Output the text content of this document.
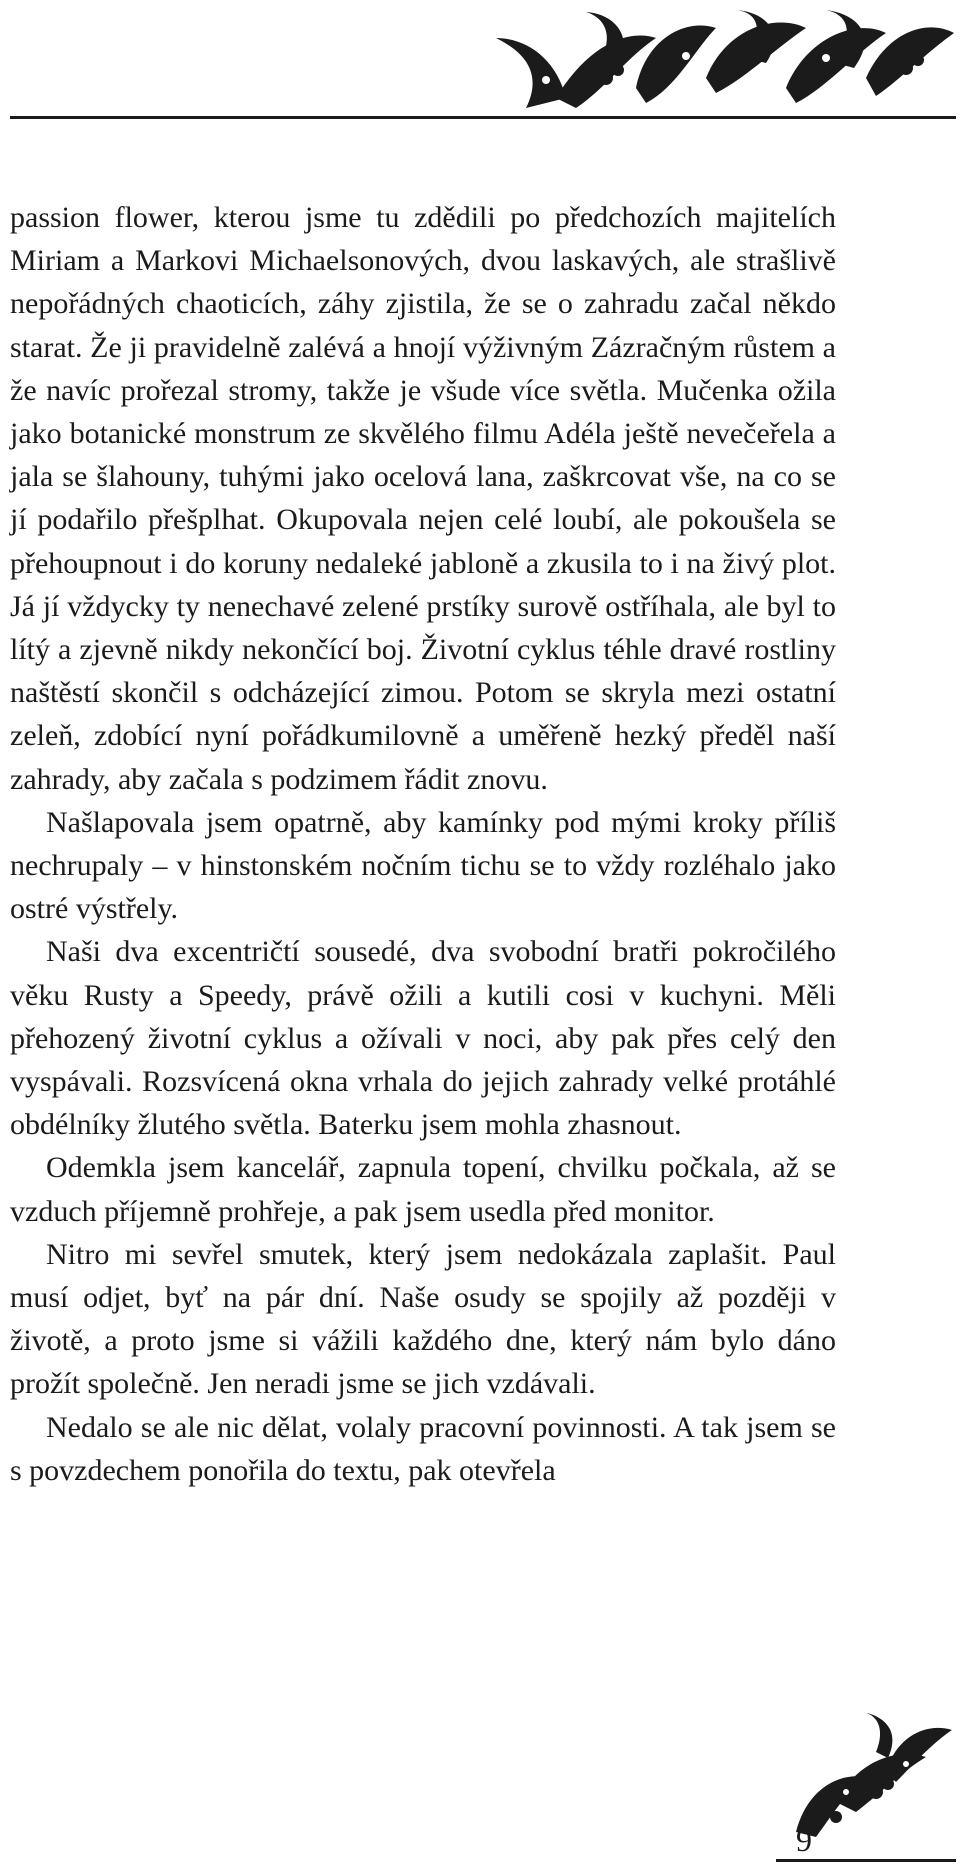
passion flower, kterou jsme tu zdědili po předchozích majitelích Miriam a Markovi Michaelsonových, dvou laskavých, ale strašlivě nepořádných chaoticích, záhy zjistila, že se o zahradu začal někdo starat. Že ji pravidelně zalévá a hnojí výživným Zázračným růstem a že navíc prořezal stromy, takže je všude více světla. Mučenka ožila jako botanické monstrum ze skvělého filmu Adéla ještě nevečeřela a jala se šlahouny, tuhými jako ocelová lana, zaškrcovat vše, na co se jí podařilo přešplhat. Okupovala nejen celé loubí, ale pokoušela se přehoupnout i do koruny nedaleké jabloně a zkusila to i na živý plot. Já jí vždycky ty nenechavé zelené prstíky surově ostříhala, ale byl to lítý a zjevně nikdy nekončící boj. Životní cyklus téhle dravé rostliny naštěstí skončil s odcházející zimou. Potom se skryla mezi ostatní zeleň, zdobící nyní pořádkumilovně a uměřeně hezký předěl naší zahrady, aby začala s podzimem řádit znovu.

Našlapovala jsem opatrně, aby kamínky pod mými kroky příliš nechrupaly – v hinstonském nočním tichu se to vždy rozléhalo jako ostré výstřely.

Naši dva excentričtí sousedé, dva svobodní bratři pokročilého věku Rusty a Speedy, právě ožili a kutili cosi v kuchyni. Měli přehozený životní cyklus a ožívali v noci, aby pak přes celý den vyspávali. Rozsvícená okna vrhala do jejich zahrady velké protáhlé obdélníky žlutého světla. Baterku jsem mohla zhasnout.

Odemkla jsem kancelář, zapnula topení, chvilku počkala, až se vzduch příjemně prohřeje, a pak jsem usedla před monitor.

Nitro mi sevřel smutek, který jsem nedokázala zaplašit. Paul musí odjet, byť na pár dní. Naše osudy se spojily až později v životě, a proto jsme si vážili každého dne, který nám bylo dáno prožít společně. Jen neradi jsme se jich vzdávali.

Nedalo se ale nic dělat, volaly pracovní povinnosti. A tak jsem se s povzdechem ponořila do textu, pak otevřela

9
